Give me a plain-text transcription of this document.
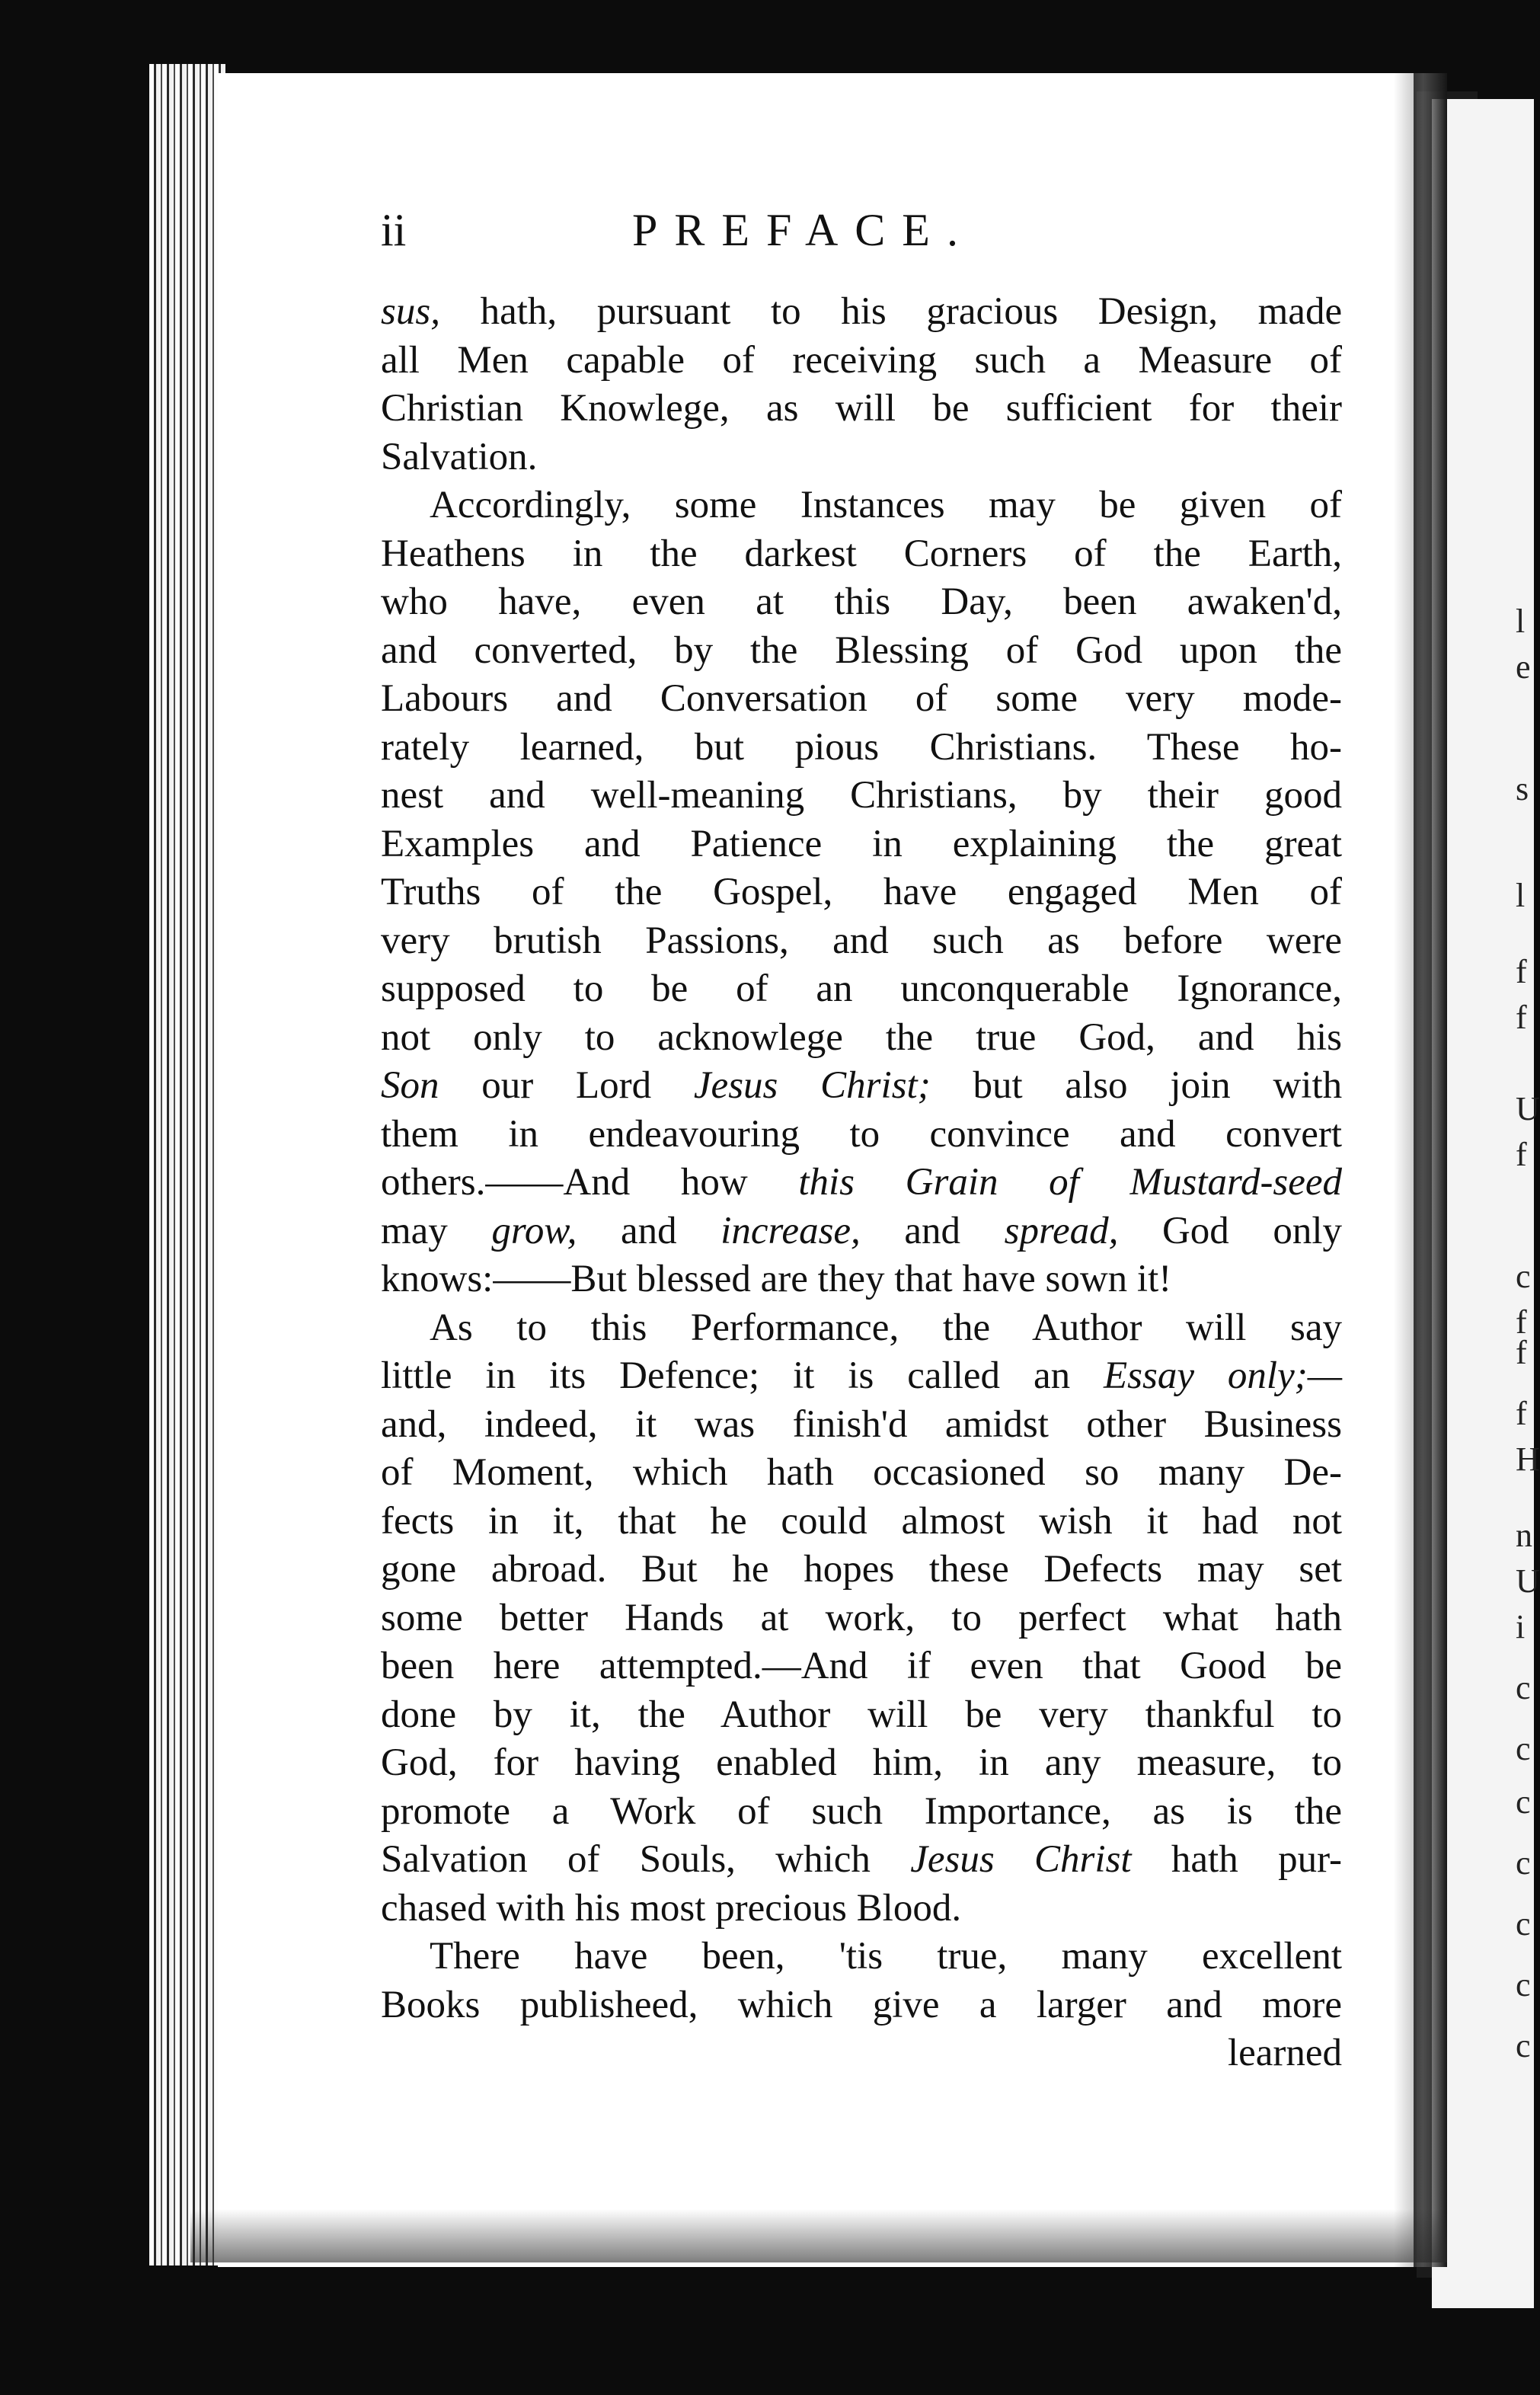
l
e
s
l
f
f
U
f
c
f
f
f
H
n
U
i
c
c
c
c
c
c
c
ii	PREFACE.
sus, hath, pursuant to his gracious Design, made
all Men capable of receiving such a Measure of
Christian Knowlege, as will be sufficient for their
Salvation.
Accordingly, some Instances may be given of
Heathens in the darkest Corners of the Earth,
who have, even at this Day, been awaken'd,
and converted, by the Blessing of God upon the
Labours and Conversation of some very mode-
rately learned, but pious Christians. These ho-
nest and well-meaning Christians, by their good
Examples and Patience in explaining the great
Truths of the Gospel, have engaged Men of
very brutish Passions, and such as before were
supposed to be of an unconquerable Ignorance,
not only to acknowlege the true God, and his
Son our Lord Jesus Christ; but also join with
them in endeavouring to convince and convert
others.——And how this Grain of Mustard-seed
may grow, and increase, and spread, God only
knows:——But blessed are they that have sown it!
As to this Performance, the Author will say
little in its Defence; it is called an Essay only;—
and, indeed, it was finish'd amidst other Business
of Moment, which hath occasioned so many De-
fects in it, that he could almost wish it had not
gone abroad. But he hopes these Defects may set
some better Hands at work, to perfect what hath
been here attempted.—And if even that Good be
done by it, the Author will be very thankful to
God, for having enabled him, in any measure, to
promote a Work of such Importance, as is the
Salvation of Souls, which Jesus Christ hath pur-
chased with his most precious Blood.
There have been, 'tis true, many excellent
Books publisheed, which give a larger and more
learned
